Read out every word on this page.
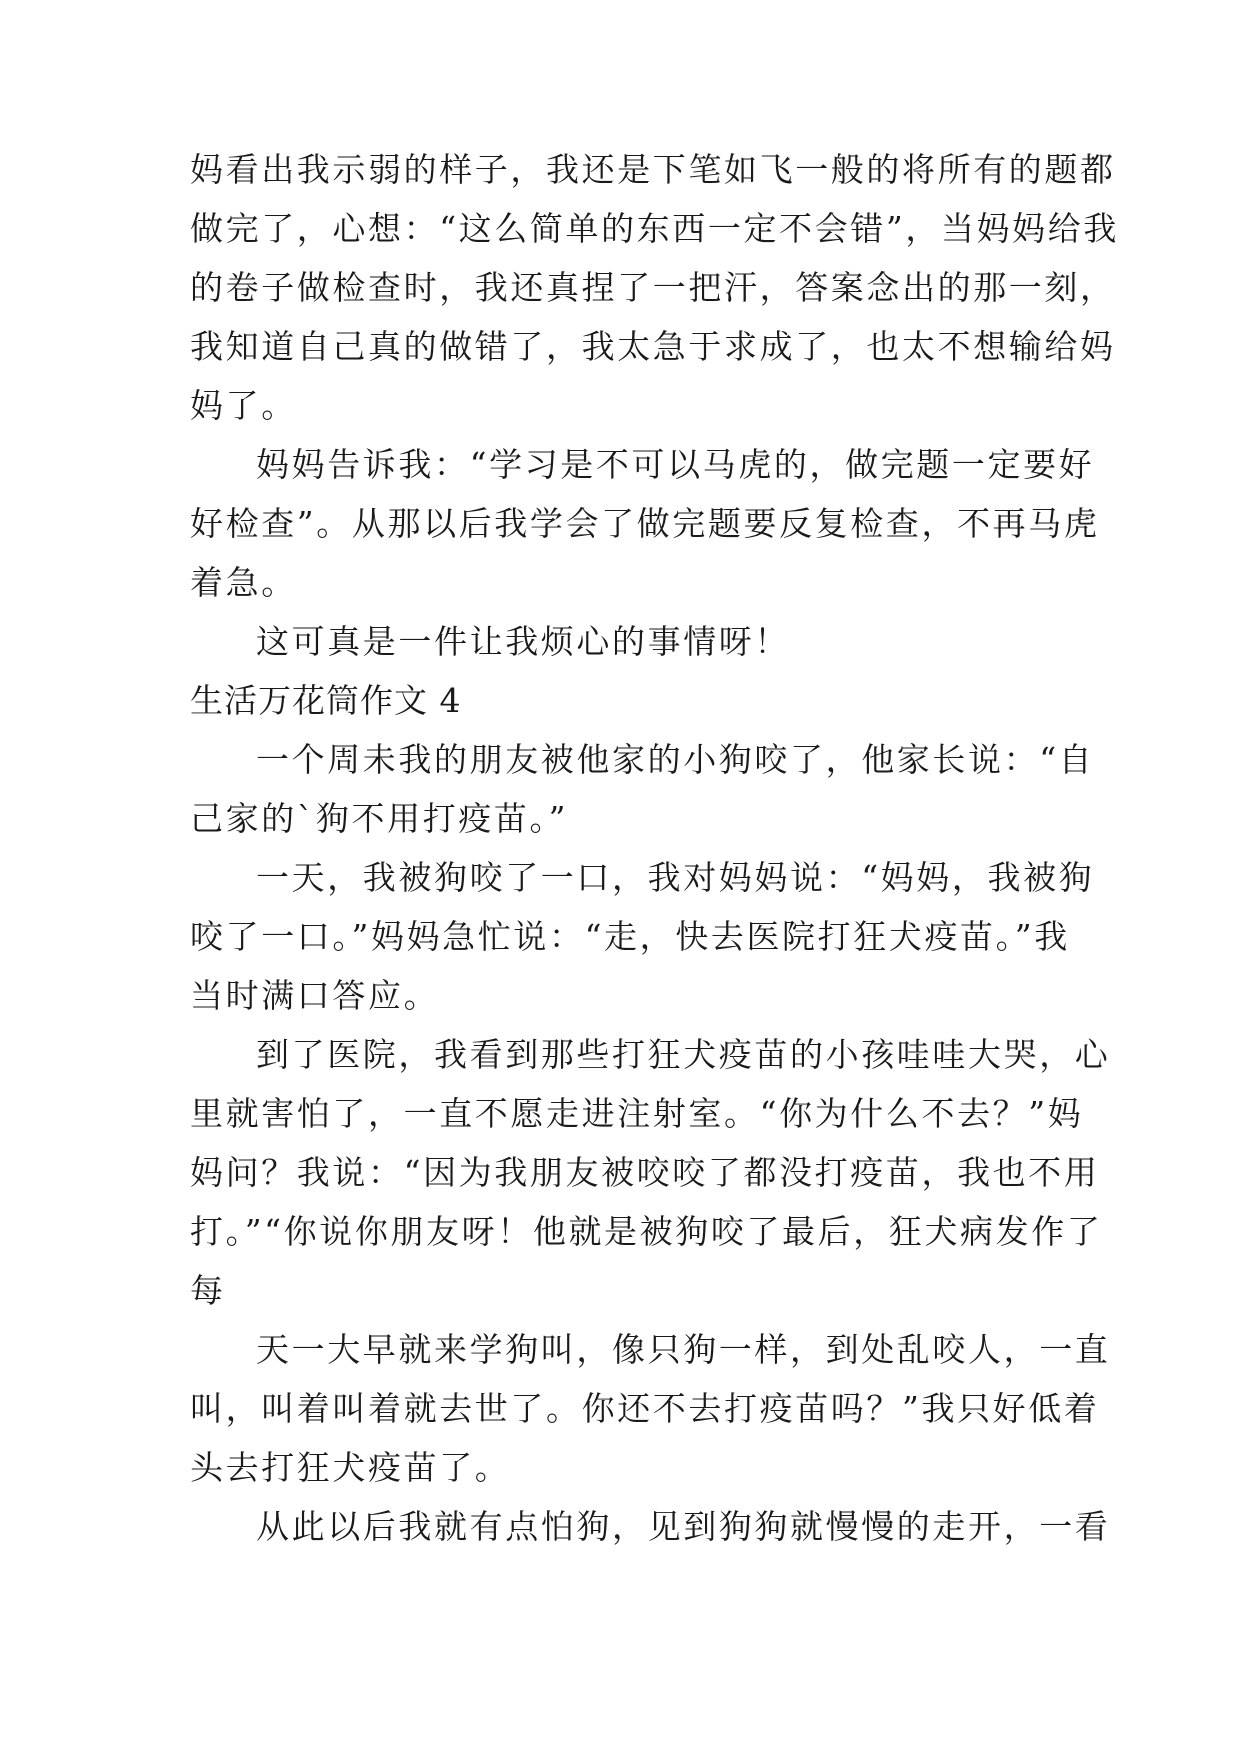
妈看出我示弱的样子，我还是下笔如飞一般的将所有的题都
做完了，心想：“这么简单的东西一定不会错”，当妈妈给我
的卷子做检查时，我还真捏了一把汗，答案念出的那一刻，
我知道自己真的做错了，我太急于求成了，也太不想输给妈
妈了。
妈妈告诉我：“学习是不可以马虎的，做完题一定要好
好检查”。从那以后我学会了做完题要反复检查，不再马虎
着急。
这可真是一件让我烦心的事情呀！
生活万花筒作文 4
一个周未我的朋友被他家的小狗咬了，他家长说：“自
己家的`狗不用打疫苗。”
一天，我被狗咬了一口，我对妈妈说：“妈妈，我被狗
咬了一口。”妈妈急忙说：“走，快去医院打狂犬疫苗。”我
当时满口答应。
到了医院，我看到那些打狂犬疫苗的小孩哇哇大哭，心
里就害怕了，一直不愿走进注射室。“你为什么不去？”妈
妈问？我说：“因为我朋友被咬咬了都没打疫苗，我也不用
打。”“你说你朋友呀！他就是被狗咬了最后，狂犬病发作了
每
天一大早就来学狗叫，像只狗一样，到处乱咬人，一直
叫，叫着叫着就去世了。你还不去打疫苗吗？”我只好低着
头去打狂犬疫苗了。
从此以后我就有点怕狗，见到狗狗就慢慢的走开，一看
